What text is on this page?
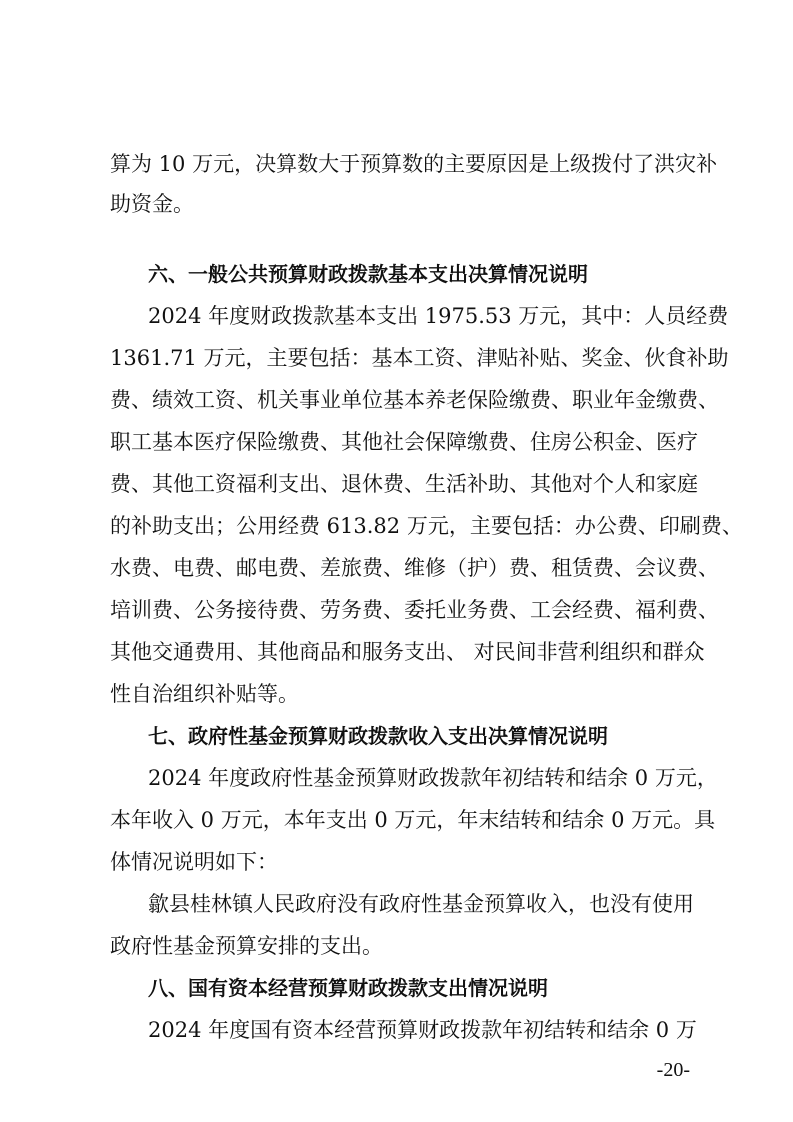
算为 10 万元，决算数大于预算数的主要原因是上级拨付了洪灾补
助资金。
六、一般公共预算财政拨款基本支出决算情况说明
2024 年度财政拨款基本支出 1975.53 万元，其中：人员经费
1361.71 万元，主要包括：基本工资、津贴补贴、奖金、伙食补助
费、绩效工资、机关事业单位基本养老保险缴费、职业年金缴费、
职工基本医疗保险缴费、其他社会保障缴费、住房公积金、医疗
费、其他工资福利支出、退休费、生活补助、其他对个人和家庭
的补助支出；公用经费 613.82 万元，主要包括：办公费、印刷费、
水费、电费、邮电费、差旅费、维修（护）费、租赁费、会议费、
培训费、公务接待费、劳务费、委托业务费、工会经费、福利费、
其他交通费用、其他商品和服务支出、 对民间非营利组织和群众
性自治组织补贴等。
七、政府性基金预算财政拨款收入支出决算情况说明
2024 年度政府性基金预算财政拨款年初结转和结余 0 万元，
本年收入 0 万元，本年支出 0 万元，年末结转和结余 0 万元。具
体情况说明如下：
歙县桂林镇人民政府没有政府性基金预算收入，也没有使用
政府性基金预算安排的支出。
八、国有资本经营预算财政拨款支出情况说明
2024 年度国有资本经营预算财政拨款年初结转和结余 0 万
-20-
